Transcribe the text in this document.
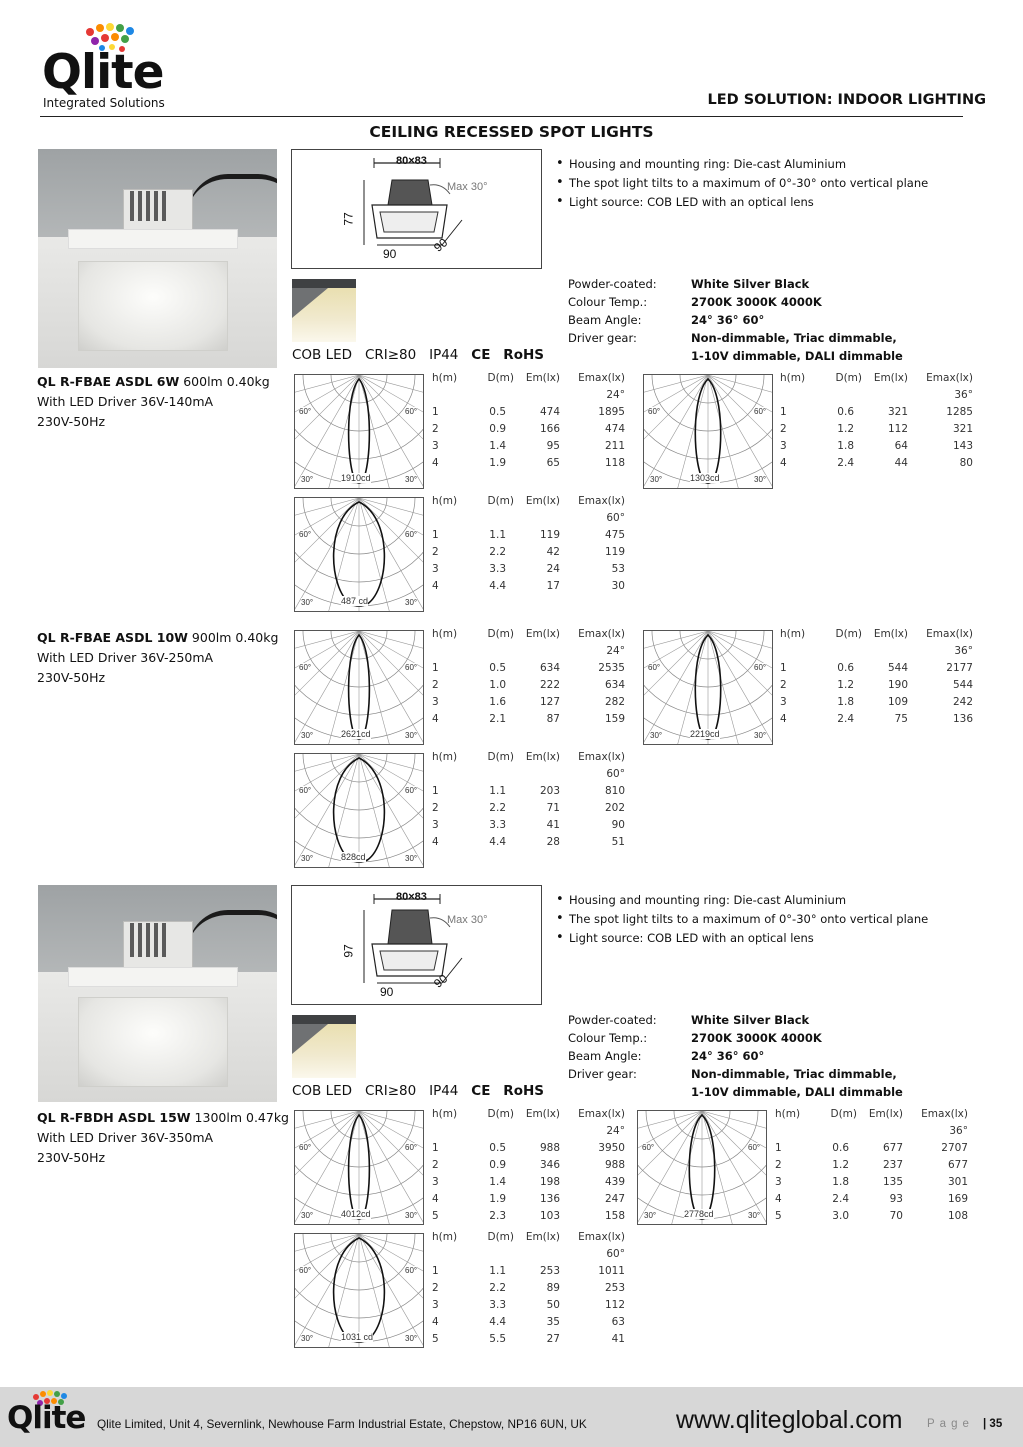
Qlite
Integrated Solutions	LED SOLUTION: INDOOR LIGHTING
CEILING RECESSED SPOT LIGHTS
80×83
Max 30°
77
90	90
• Housing and mounting ring: Die-cast Aluminium
• The spot light tilts to a maximum of 0°-30° onto vertical plane
• Light source: COB LED with an optical lens
Powder-coated:	White Silver Black
Colour Temp.:	2700K 3000K 4000K
Beam Angle:	24° 36° 60°
Driver gear:	Non-dimmable, Triac dimmable,
1-10V dimmable, DALI dimmable
COB LED CRI≥80 IP44 CE RoHS
QL R-FBAE ASDL 6W 600lm 0.40kg
With LED Driver 36V-140mA
230V-50Hz
QL R-FBAE ASDL 10W 900lm 0.40kg
With LED Driver 36V-250mA
230V-50Hz
QL R-FBDH ASDL 15W 1300lm 0.47kg
With LED Driver 36V-350mA
230V-50Hz
80×83
Max 30°
97
90
90
• Housing and mounting ring: Die-cast Aluminium
• The spot light tilts to a maximum of 0°-30° onto vertical plane
• Light source: COB LED with an optical lens
Powder-coated:	White Silver Black
Colour Temp.:	2700K 3000K 4000K
Beam Angle:	24° 36° 60°
Driver gear:	Non-dimmable, Triac dimmable,
1-10V dimmable, DALI dimmable
COB LED CRI≥80 IP44 CE RoHS
60°	60°
30°	30°
1910cd
h(m)	D(m)	Em(lx)	Emax(lx)
24°
1	0.5	474	1895
2	0.9	166	474
3	1.4	95	211
4	1.9	65	118
60°	60°
30°	30°
1303cd
h(m)	D(m)	Em(lx)	Emax(lx)
36°
1	0.6	321	1285
2	1.2	112	321
3	1.8	64	143
4	2.4	44	80
60°	60°
30°	30°
487 cd
h(m)	D(m)	Em(lx)	Emax(lx)
60°
1	1.1	119	475
2	2.2	42	119
3	3.3	24	53
4	4.4	17	30
60°	60°
30°	30°
2621cd
h(m)	D(m)	Em(lx)	Emax(lx)
24°
1	0.5	634	2535
2	1.0	222	634
3	1.6	127	282
4	2.1	87	159
60°	60°
30°	30°
2219cd
h(m)	D(m)	Em(lx)	Emax(lx)
36°
1	0.6	544	2177
2	1.2	190	544
3	1.8	109	242
4	2.4	75	136
60°	60°
30°	30°
828cd
h(m)	D(m)	Em(lx)	Emax(lx)
60°
1	1.1	203	810
2	2.2	71	202
3	3.3	41	90
4	4.4	28	51
60°	60°
30°	30°
4012cd
h(m)	D(m)	Em(lx)	Emax(lx)
24°
1	0.5	988	3950
2	0.9	346	988
3	1.4	198	439
4	1.9	136	247
5	2.3	103	158
60°	60°
30°	30°
2778cd
h(m)	D(m)	Em(lx)	Emax(lx)
36°
1	0.6	677	2707
2	1.2	237	677
3	1.8	135	301
4	2.4	93	169
5	3.0	70	108
60°	60°
30°	30°
1031 cd
h(m)	D(m)	Em(lx)	Emax(lx)
60°
1	1.1	253	1011
2	2.2	89	253
3	3.3	50	112
4	4.4	35	63
5	5.5	27	41
Qlite Qlite Limited, Unit 4, Severnlink, Newhouse Farm Industrial Estate, Chepstow, NP16 6UN, UK	www.qliteglobal.com Page | 35
